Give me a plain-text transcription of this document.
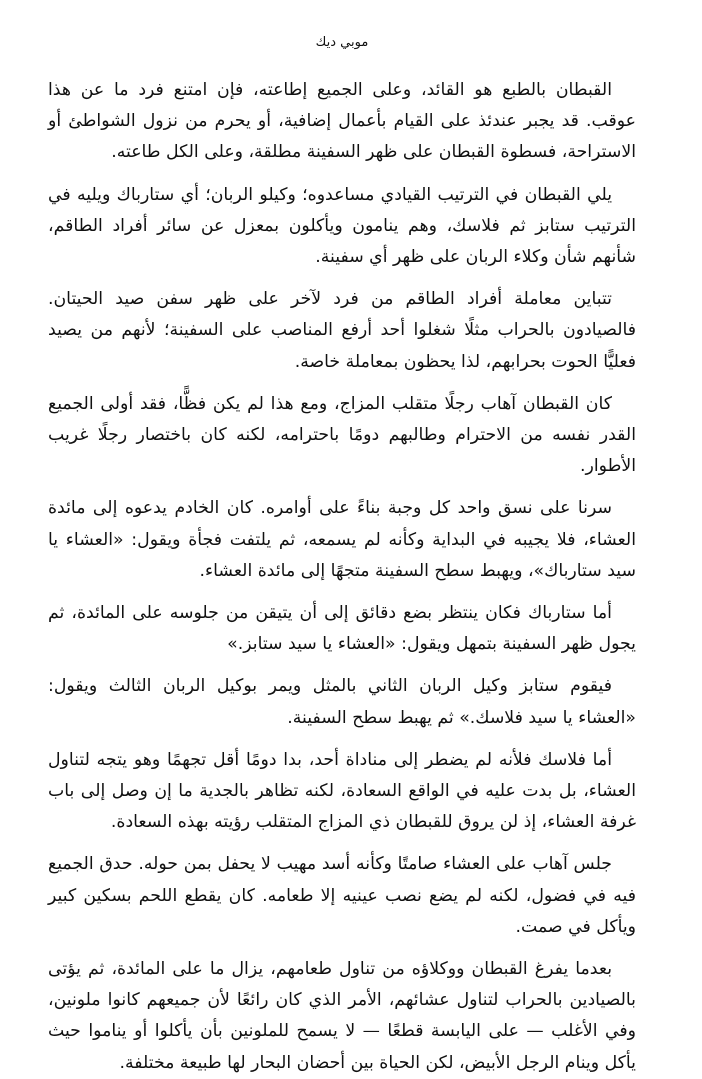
موبي ديك

القبطان بالطبع هو القائد، وعلى الجميع إطاعته، فإن امتنع فرد ما عن هذا عوقب. قد يجبر عندئذ على القيام بأعمال إضافية، أو يحرم من نزول الشواطئ أو الاستراحة، فسطوة القبطان على ظهر السفينة مطلقة، وعلى الكل طاعته.

يلي القبطان في الترتيب القيادي مساعدوه؛ وكيلو الربان؛ أي ستارباك ويليه في الترتيب ستابز ثم فلاسك، وهم ينامون ويأكلون بمعزل عن سائر أفراد الطاقم، شأنهم شأن وكلاء الربان على ظهر أي سفينة.

تتباين معاملة أفراد الطاقم من فرد لآخر على ظهر سفن صيد الحيتان. فالصيادون بالحراب مثلًا شغلوا أحد أرفع المناصب على السفينة؛ لأنهم من يصيد فعليًّا الحوت بحرابهم، لذا يحظون بمعاملة خاصة.

كان القبطان آهاب رجلًا متقلب المزاج، ومع هذا لم يكن فظًّا، فقد أولى الجميع القدر نفسه من الاحترام وطالبهم دومًا باحترامه، لكنه كان باختصار رجلًا غريب الأطوار.

سرنا على نسق واحد كل وجبة بناءً على أوامره. كان الخادم يدعوه إلى مائدة العشاء، فلا يجيبه في البداية وكأنه لم يسمعه، ثم يلتفت فجأة ويقول: «العشاء يا سيد ستارباك»، ويهبط سطح السفينة متجهًا إلى مائدة العشاء.

أما ستارباك فكان ينتظر بضع دقائق إلى أن يتيقن من جلوسه على المائدة، ثم يجول ظهر السفينة بتمهل ويقول: «العشاء يا سيد ستابز.»

فيقوم ستابز وكيل الربان الثاني بالمثل ويمر بوكيل الربان الثالث ويقول: «العشاء يا سيد فلاسك.» ثم يهبط سطح السفينة.

أما فلاسك فلأنه لم يضطر إلى مناداة أحد، بدا دومًا أقل تجهمًا وهو يتجه لتناول العشاء، بل بدت عليه في الواقع السعادة، لكنه تظاهر بالجدية ما إن وصل إلى باب غرفة العشاء، إذ لن يروق للقبطان ذي المزاج المتقلب رؤيته بهذه السعادة.

جلس آهاب على العشاء صامتًا وكأنه أسد مهيب لا يحفل بمن حوله. حدق الجميع فيه في فضول، لكنه لم يضع نصب عينيه إلا طعامه. كان يقطع اللحم بسكين كبير ويأكل في صمت.

بعدما يفرغ القبطان ووكلاؤه من تناول طعامهم، يزال ما على المائدة، ثم يؤتى بالصيادين بالحراب لتناول عشائهم، الأمر الذي كان رائعًا لأن جميعهم كانوا ملونين، وفي الأغلب — على اليابسة قطعًا — لا يسمح للملونين بأن يأكلوا أو يناموا حيث يأكل وينام الرجل الأبيض، لكن الحياة بين أحضان البحار لها طبيعة مختلفة.
